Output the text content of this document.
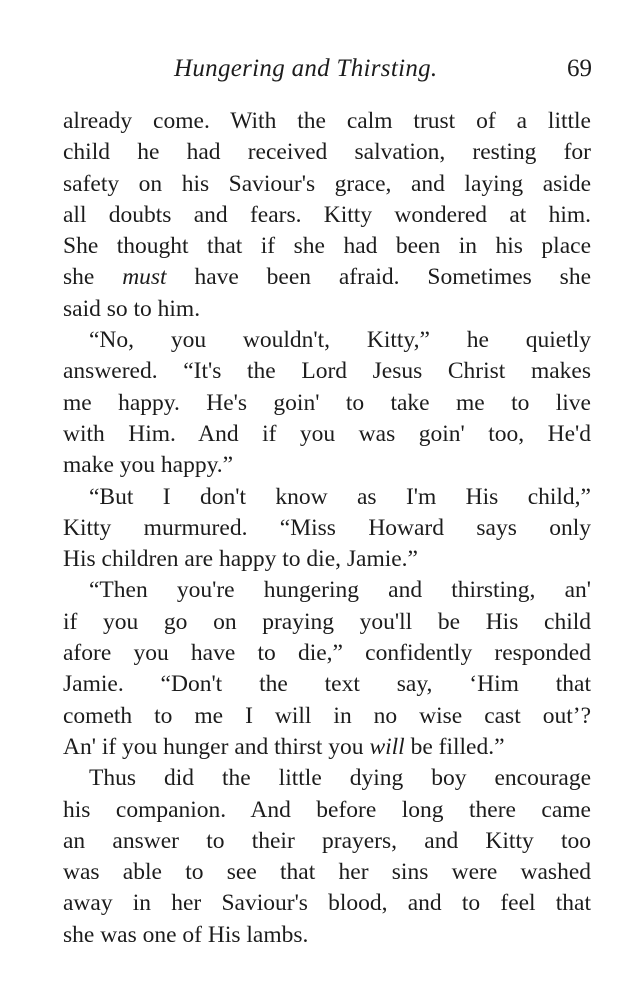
Hungering and Thirsting.	69
already come. With the calm trust of a little
child he had received salvation, resting for
safety on his Saviour's grace, and laying aside
all doubts and fears. Kitty wondered at him.
She thought that if she had been in his place
she must have been afraid. Sometimes she
said so to him.
“No, you wouldn't, Kitty,” he quietly
answered. “It's the Lord Jesus Christ makes
me happy. He's goin' to take me to live
with Him. And if you was goin' too, He'd
make you happy.”
“But I don't know as I'm His child,”
Kitty murmured. “Miss Howard says only
His children are happy to die, Jamie.”
“Then you're hungering and thirsting, an'
if you go on praying you'll be His child
afore you have to die,” confidently responded
Jamie. “Don't the text say, ‘Him that
cometh to me I will in no wise cast out’?
An' if you hunger and thirst you will be filled.”
Thus did the little dying boy encourage
his companion. And before long there came
an answer to their prayers, and Kitty too
was able to see that her sins were washed
away in her Saviour's blood, and to feel that
she was one of His lambs.
